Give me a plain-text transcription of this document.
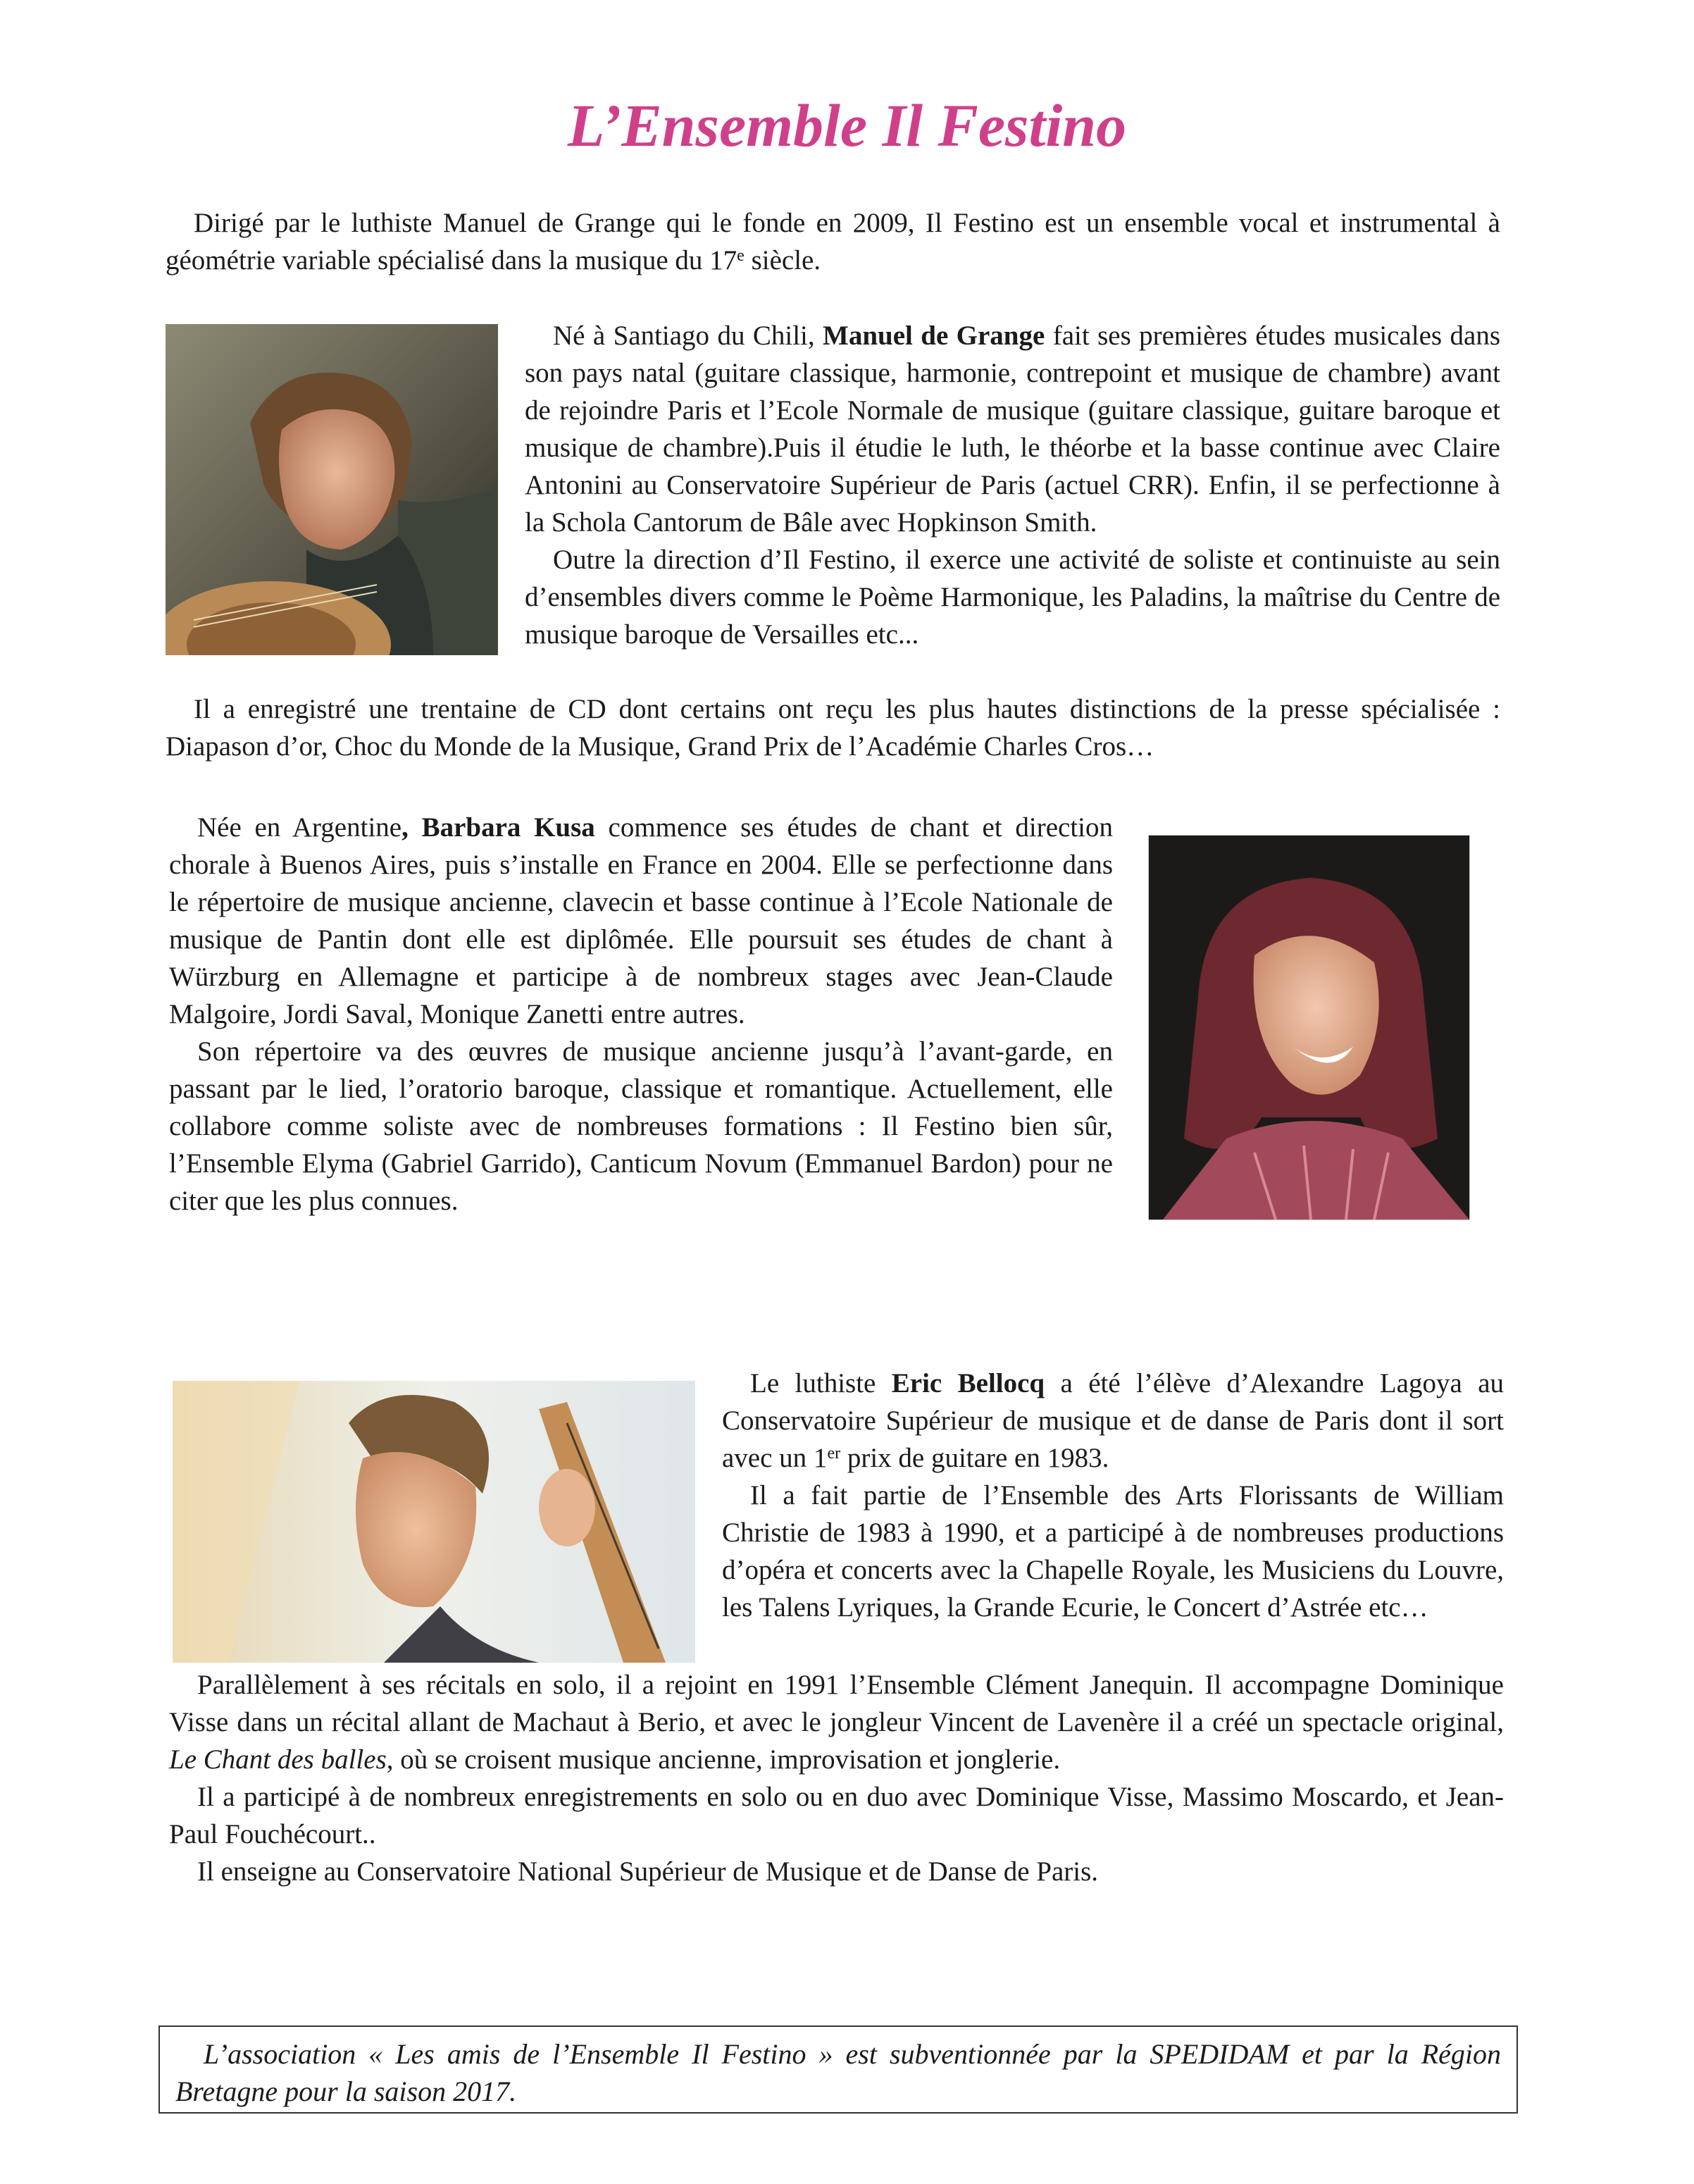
L’Ensemble Il Festino

Dirigé par le luthiste Manuel de Grange qui le fonde en 2009, Il Festino est un ensemble vocal et instrumental à géométrie variable spécialisé dans la musique du 17e siècle.

Né à Santiago du Chili, Manuel de Grange fait ses premières études musicales dans son pays natal (guitare classique, harmonie, contrepoint et musique de chambre) avant de rejoindre Paris et l’Ecole Normale de musique (guitare classique, guitare baroque et musique de chambre).Puis il étudie le luth, le théorbe et la basse continue avec Claire Antonini au Conservatoire Supérieur de Paris (actuel CRR). Enfin, il se perfectionne à la Schola Cantorum de Bâle avec Hopkinson Smith.
Outre la direction d’Il Festino, il exerce une activité de soliste et continuiste au sein d’ensembles divers comme le Poème Harmonique, les Paladins, la maîtrise du Centre de musique baroque de Versailles etc...

Il a enregistré une trentaine de CD dont certains ont reçu les plus hautes distinctions de la presse spécialisée : Diapason d’or, Choc du Monde de la Musique, Grand Prix de l’Académie Charles Cros…

Née en Argentine, Barbara Kusa commence ses études de chant et direction chorale à Buenos Aires, puis s’installe en France en 2004. Elle se perfectionne dans le répertoire de musique ancienne, clavecin et basse continue à l’Ecole Nationale de musique de Pantin dont elle est diplômée. Elle poursuit ses études de chant à Würzburg en Allemagne et participe à de nombreux stages avec Jean-Claude Malgoire, Jordi Saval, Monique Zanetti entre autres.
Son répertoire va des œuvres de musique ancienne jusqu’à l’avant-garde, en passant par le lied, l’oratorio baroque, classique et romantique. Actuellement, elle collabore comme soliste avec de nombreuses formations : Il Festino bien sûr, l’Ensemble Elyma (Gabriel Garrido), Canticum Novum (Emmanuel Bardon) pour ne citer que les plus connues.
Le luthiste Eric Bellocq a été l’élève d’Alexandre Lagoya au Conservatoire Supérieur de musique et de danse de Paris dont il sort avec un 1er prix de guitare en 1983.
Il a fait partie de l’Ensemble des Arts Florissants de William Christie de 1983 à 1990, et a participé à de nombreuses productions d’opéra et concerts avec la Chapelle Royale, les Musiciens du Louvre, les Talens Lyriques, la Grande Ecurie, le Concert d’Astrée etc…
Parallèlement à ses récitals en solo, il a rejoint en 1991 l’Ensemble Clément Janequin. Il accompagne Dominique Visse dans un récital allant de Machaut à Berio, et avec le jongleur Vincent de Lavenère il a créé un spectacle original, Le Chant des balles, où se croisent musique ancienne, improvisation et jonglerie.
Il a participé à de nombreux enregistrements en solo ou en duo avec Dominique Visse, Massimo Moscardo, et Jean-Paul Fouchécourt..
Il enseigne au Conservatoire National Supérieur de Musique et de Danse de Paris.
L’association « Les amis de l’Ensemble Il Festino » est subventionnée par la SPEDIDAM et par la Région Bretagne pour la saison 2017.
